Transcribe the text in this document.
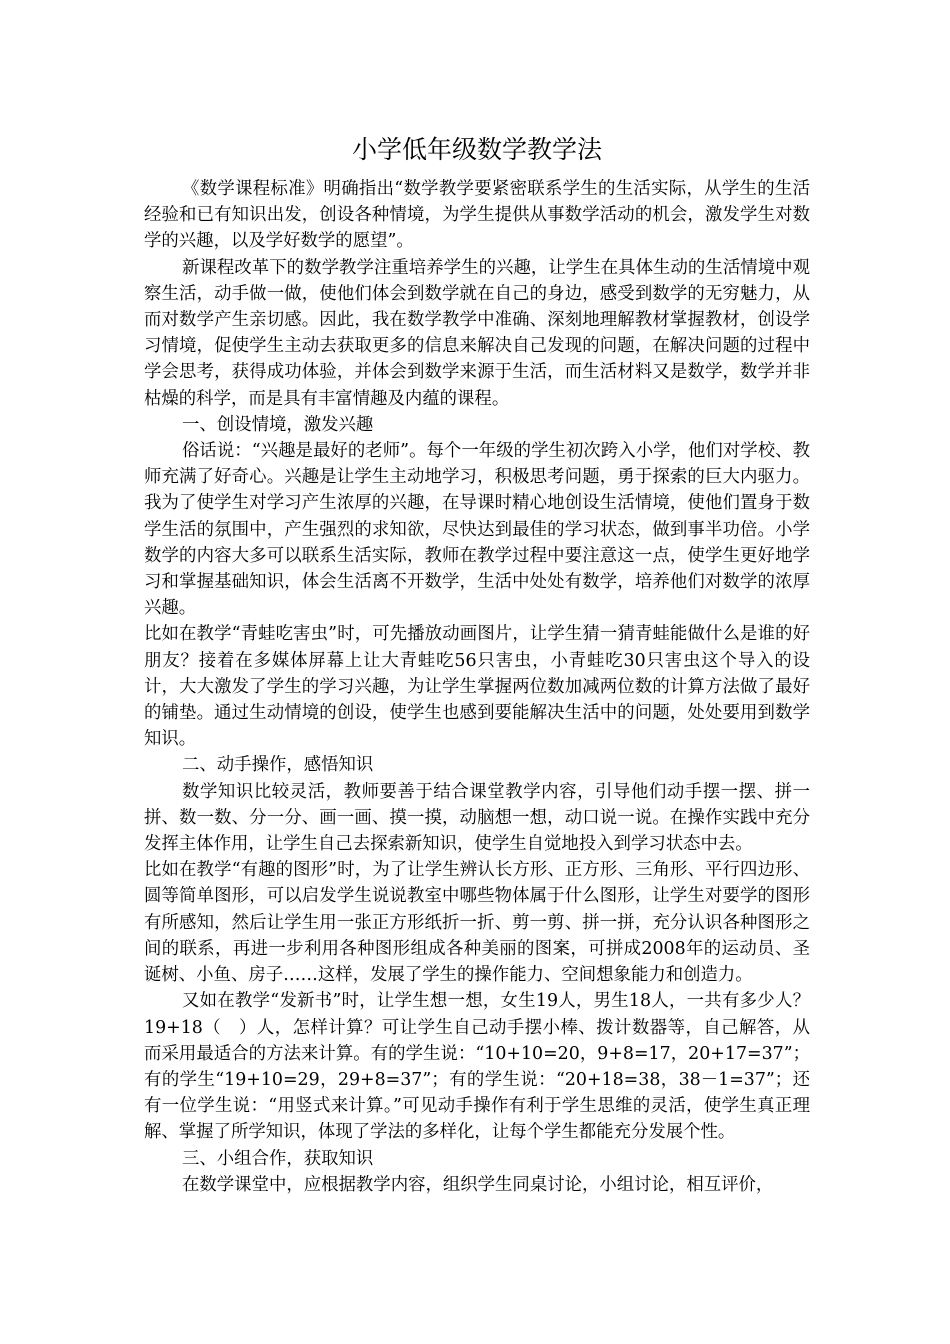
小学低年级数学教学法

《数学课程标准》明确指出“数学教学要紧密联系学生的生活实际，从学生的生活经验和已有知识出发，创设各种情境，为学生提供从事数学活动的机会，激发学生对数学的兴趣，以及学好数学的愿望”。

新课程改革下的数学教学注重培养学生的兴趣，让学生在具体生动的生活情境中观察生活，动手做一做，使他们体会到数学就在自己的身边，感受到数学的无穷魅力，从而对数学产生亲切感。因此，我在数学教学中准确、深刻地理解教材掌握教材，创设学习情境，促使学生主动去获取更多的信息来解决自己发现的问题，在解决问题的过程中学会思考，获得成功体验，并体会到数学来源于生活，而生活材料又是数学，数学并非枯燥的科学，而是具有丰富情趣及内蕴的课程。

一、创设情境，激发兴趣

俗话说：“兴趣是最好的老师”。每个一年级的学生初次跨入小学，他们对学校、教师充满了好奇心。兴趣是让学生主动地学习，积极思考问题，勇于探索的巨大内驱力。我为了使学生对学习产生浓厚的兴趣，在导课时精心地创设生活情境，使他们置身于数学生活的氛围中，产生强烈的求知欲，尽快达到最佳的学习状态，做到事半功倍。小学数学的内容大多可以联系生活实际，教师在教学过程中要注意这一点，使学生更好地学习和掌握基础知识，体会生活离不开数学，生活中处处有数学，培养他们对数学的浓厚兴趣。

比如在教学“青蛙吃害虫”时，可先播放动画图片，让学生猜一猜青蛙能做什么是谁的好朋友？接着在多媒体屏幕上让大青蛙吃56只害虫，小青蛙吃30只害虫这个导入的设计，大大激发了学生的学习兴趣，为让学生掌握两位数加减两位数的计算方法做了最好的铺垫。通过生动情境的创设，使学生也感到要能解决生活中的问题，处处要用到数学知识。

二、动手操作，感悟知识

数学知识比较灵活，教师要善于结合课堂教学内容，引导他们动手摆一摆、拼一拼、数一数、分一分、画一画、摸一摸，动脑想一想，动口说一说。在操作实践中充分发挥主体作用，让学生自己去探索新知识，使学生自觉地投入到学习状态中去。

比如在教学“有趣的图形”时，为了让学生辨认长方形、正方形、三角形、平行四边形、圆等简单图形，可以启发学生说说教室中哪些物体属于什么图形，让学生对要学的图形有所感知，然后让学生用一张正方形纸折一折、剪一剪、拼一拼，充分认识各种图形之间的联系，再进一步利用各种图形组成各种美丽的图案，可拼成2008年的运动员、圣诞树、小鱼、房子……这样，发展了学生的操作能力、空间想象能力和创造力。

又如在教学“发新书”时，让学生想一想，女生19人，男生18人，一共有多少人？19+18（　）人，怎样计算？可让学生自己动手摆小棒、拨计数器等，自己解答，从而采用最适合的方法来计算。有的学生说：“10+10=20，9+8=17，20+17=37”；有的学生“19+10=29，29+8=37”；有的学生说：“20+18=38，38－1=37”；还有一位学生说：“用竖式来计算。”可见动手操作有利于学生思维的灵活，使学生真正理解、掌握了所学知识，体现了学法的多样化，让每个学生都能充分发展个性。

三、小组合作，获取知识

在数学课堂中，应根据教学内容，组织学生同桌讨论，小组讨论，相互评价，
